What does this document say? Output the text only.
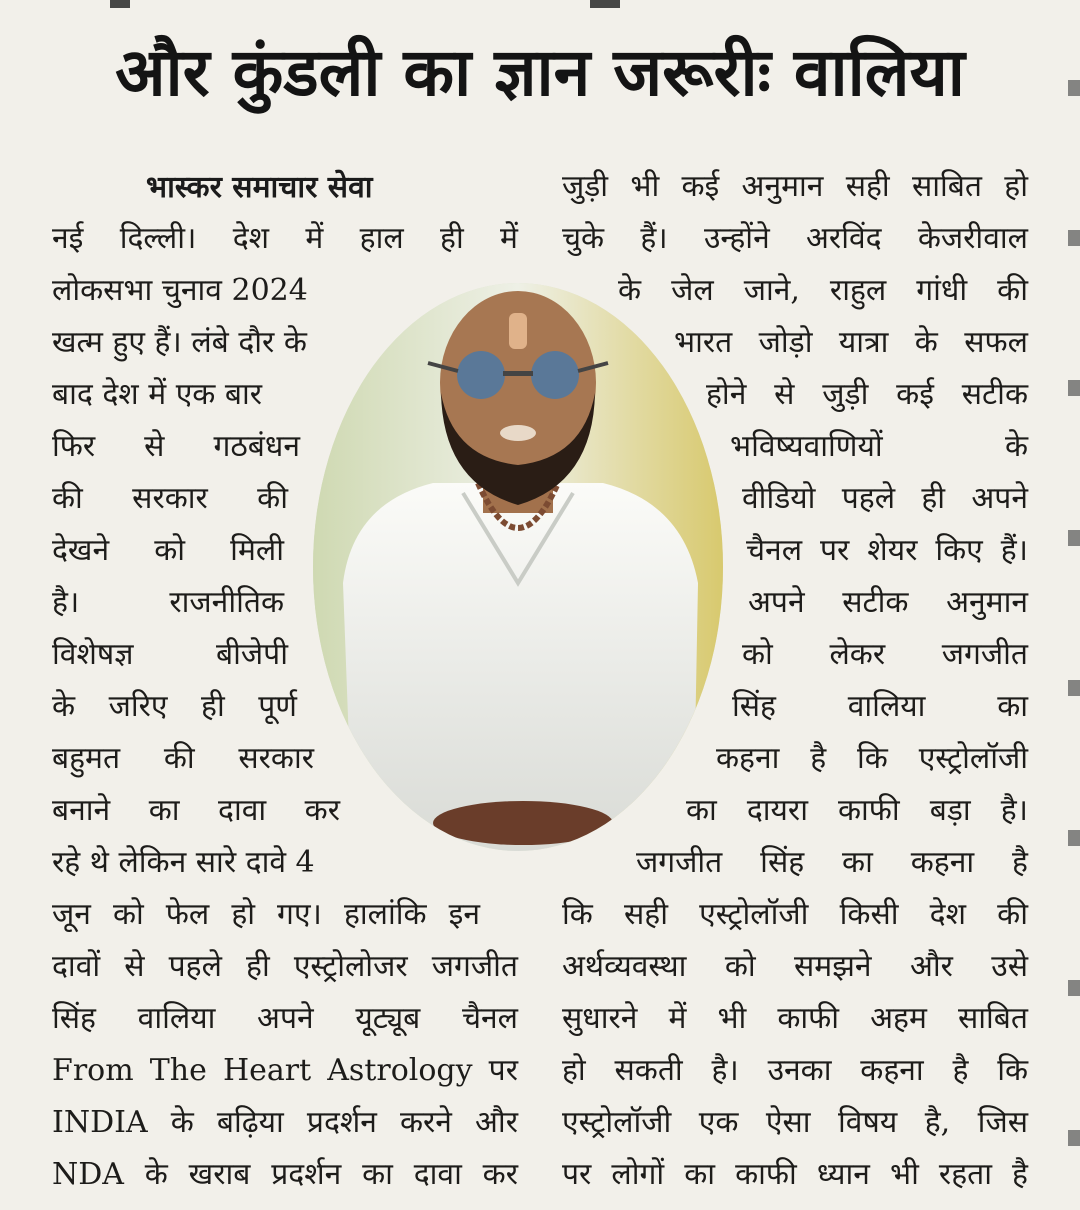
और कुंडली का ज्ञान जरूरीः वालिया
भास्कर समाचार सेवा
नई दिल्ली। देश में हाल ही में
लोकसभा चुनाव 2024
खत्म हुए हैं। लंबे दौर के
बाद देश में एक बार
फिर से गठबंधन
की सरकार की
देखने को मिली
है। राजनीतिक
विशेषज्ञ बीजेपी
के जरिए ही पूर्ण
बहुमत की सरकार
बनाने का दावा कर
रहे थे लेकिन सारे दावे 4
जून को फेल हो गए। हालांकि इन
दावों से पहले ही एस्ट्रोलोजर जगजीत
सिंह वालिया अपने यूट्यूब चैनल
From The Heart Astrology पर
INDIA के बढ़िया प्रदर्शन करने और
NDA के खराब प्रदर्शन का दावा कर
जुड़ी भी कई अनुमान सही साबित हो
चुके हैं। उन्होंने अरविंद केजरीवाल
के जेल जाने, राहुल गांधी की
भारत जोड़ो यात्रा के सफल
होने से जुड़ी कई सटीक
भविष्यवाणियों के
वीडियो पहले ही अपने
चैनल पर शेयर किए हैं।
अपने सटीक अनुमान
को लेकर जगजीत
सिंह वालिया का
कहना है कि एस्ट्रोलॉजी
का दायरा काफी बड़ा है।
जगजीत सिंह का कहना है
कि सही एस्ट्रोलॉजी किसी देश की
अर्थव्यवस्था को समझने और उसे
सुधारने में भी काफी अहम साबित
हो सकती है। उनका कहना है कि
एस्ट्रोलॉजी एक ऐसा विषय है, जिस
पर लोगों का काफी ध्यान भी रहता है
